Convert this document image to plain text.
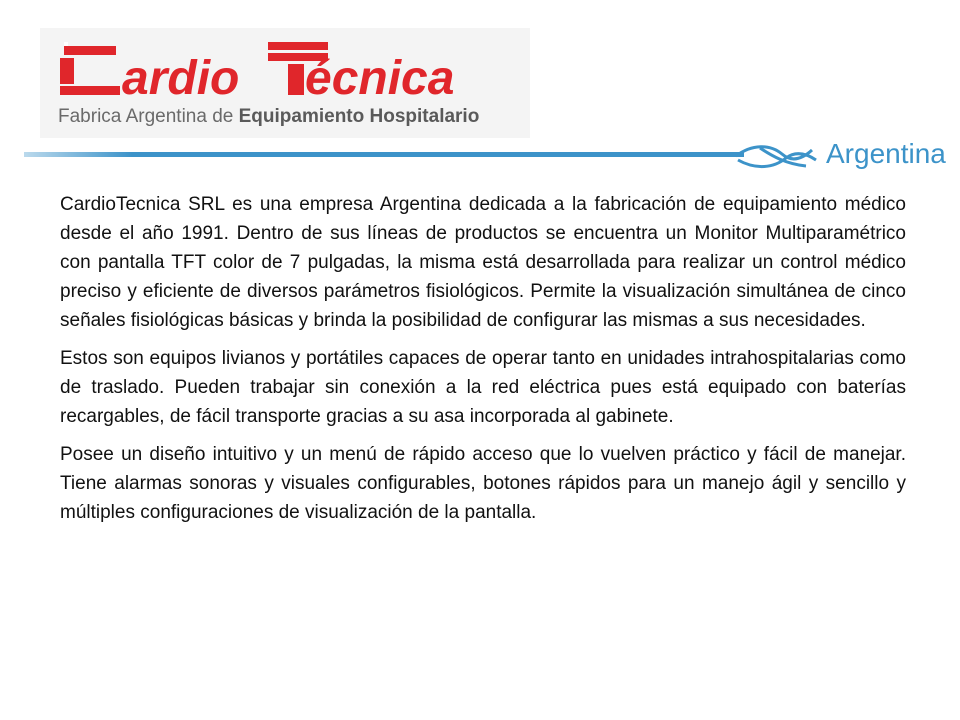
ardio écnica
Fabrica Argentina de Equipamiento Hospitalario
Argentina

CardioTecnica SRL es una empresa Argentina dedicada a la fabricación de equipamiento médico desde el año 1991. Dentro de sus líneas de productos se encuentra un Monitor Multiparamétrico con pantalla TFT color de 7 pulgadas, la misma está desarrollada para realizar un control médico preciso y eficiente de diversos parámetros fisiológicos. Permite la visualización simultánea de cinco señales fisiológicas básicas y brinda la posibilidad de configurar las mismas a sus necesidades.

Estos son equipos livianos y portátiles capaces de operar tanto en unidades intrahospitalarias como de traslado. Pueden trabajar sin conexión a la red eléctrica pues está equipado con baterías recargables, de fácil transporte gracias a su asa incorporada al gabinete.

Posee un diseño intuitivo y un menú de rápido acceso que lo vuelven práctico y fácil de manejar. Tiene alarmas sonoras y visuales configurables, botones rápidos para un manejo ágil y sencillo y múltiples configuraciones de visualización de la pantalla.
